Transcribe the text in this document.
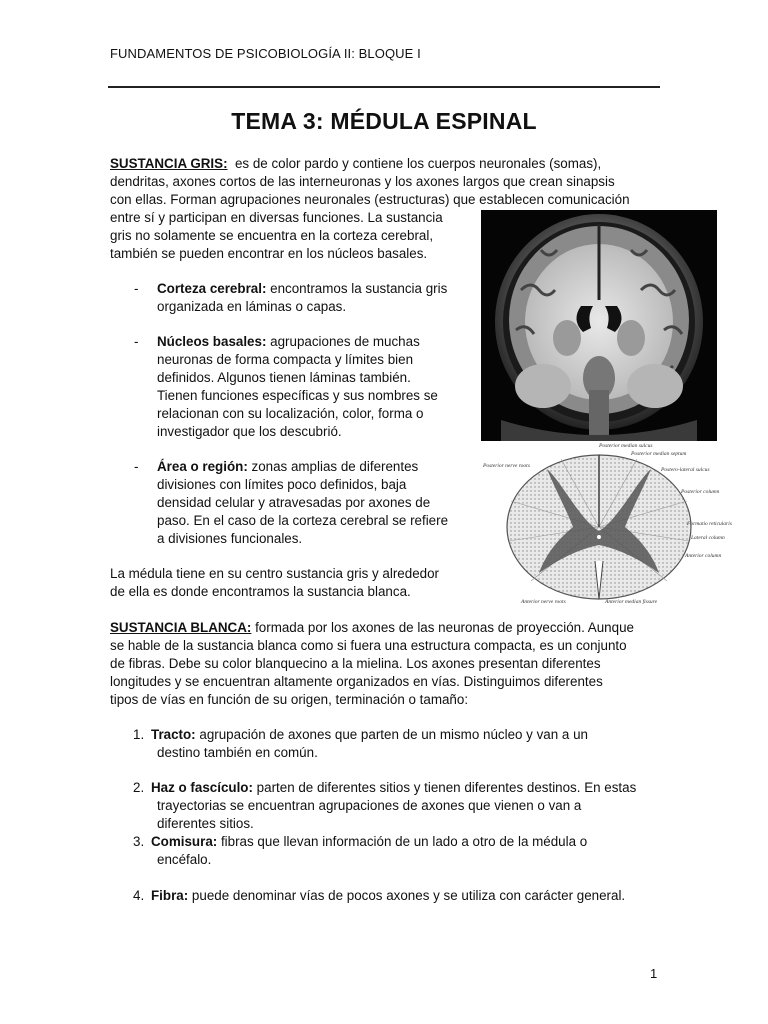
FUNDAMENTOS DE PSICOBIOLOGÍA II: BLOQUE I
TEMA 3: MÉDULA ESPINAL
SUSTANCIA GRIS:  es de color pardo y contiene los cuerpos neuronales (somas),
dendritas, axones cortos de las interneuronas y los axones largos que crean sinapsis
con ellas. Forman agrupaciones neuronales (estructuras) que establecen comunicación
entre sí y participan en diversas funciones. La sustancia
gris no solamente se encuentra en la corteza cerebral,
también se pueden encontrar en los núcleos basales.
- Corteza cerebral: encontramos la sustancia gris
organizada en láminas o capas.
- Núcleos basales: agrupaciones de muchas
neuronas de forma compacta y límites bien
definidos. Algunos tienen láminas también.
Tienen funciones específicas y sus nombres se
relacionan con su localización, color, forma o
investigador que los descubrió.
- Área o región: zonas amplias de diferentes
divisiones con límites poco definidos, baja
densidad celular y atravesadas por axones de
paso. En el caso de la corteza cerebral se refiere
a divisiones funcionales.
La médula tiene en su centro sustancia gris y alrededor
de ella es donde encontramos la sustancia blanca.
SUSTANCIA BLANCA: formada por los axones de las neuronas de proyección. Aunque
se hable de la sustancia blanca como si fuera una estructura compacta, es un conjunto
de fibras. Debe su color blanquecino a la mielina. Los axones presentan diferentes
longitudes y se encuentran altamente organizados en vías. Distinguimos diferentes
tipos de vías en función de su origen, terminación o tamaño:
1. Tracto: agrupación de axones que parten de un mismo núcleo y van a un
destino también en común.
2. Haz o fascículo: parten de diferentes sitios y tienen diferentes destinos. En estas
trayectorias se encuentran agrupaciones de axones que vienen o van a
diferentes sitios.
3. Comisura: fibras que llevan información de un lado a otro de la médula o
encéfalo.
4. Fibra: puede denominar vías de pocos axones y se utiliza con carácter general.
Posterior median sulcus
Posterior median septum
Postero-lateral sulcus
Posterior nerve roots
Posterior column
Formatio reticularis
Lateral column
Anterior column
Anterior nerve roots	Anterior median fissure
1
